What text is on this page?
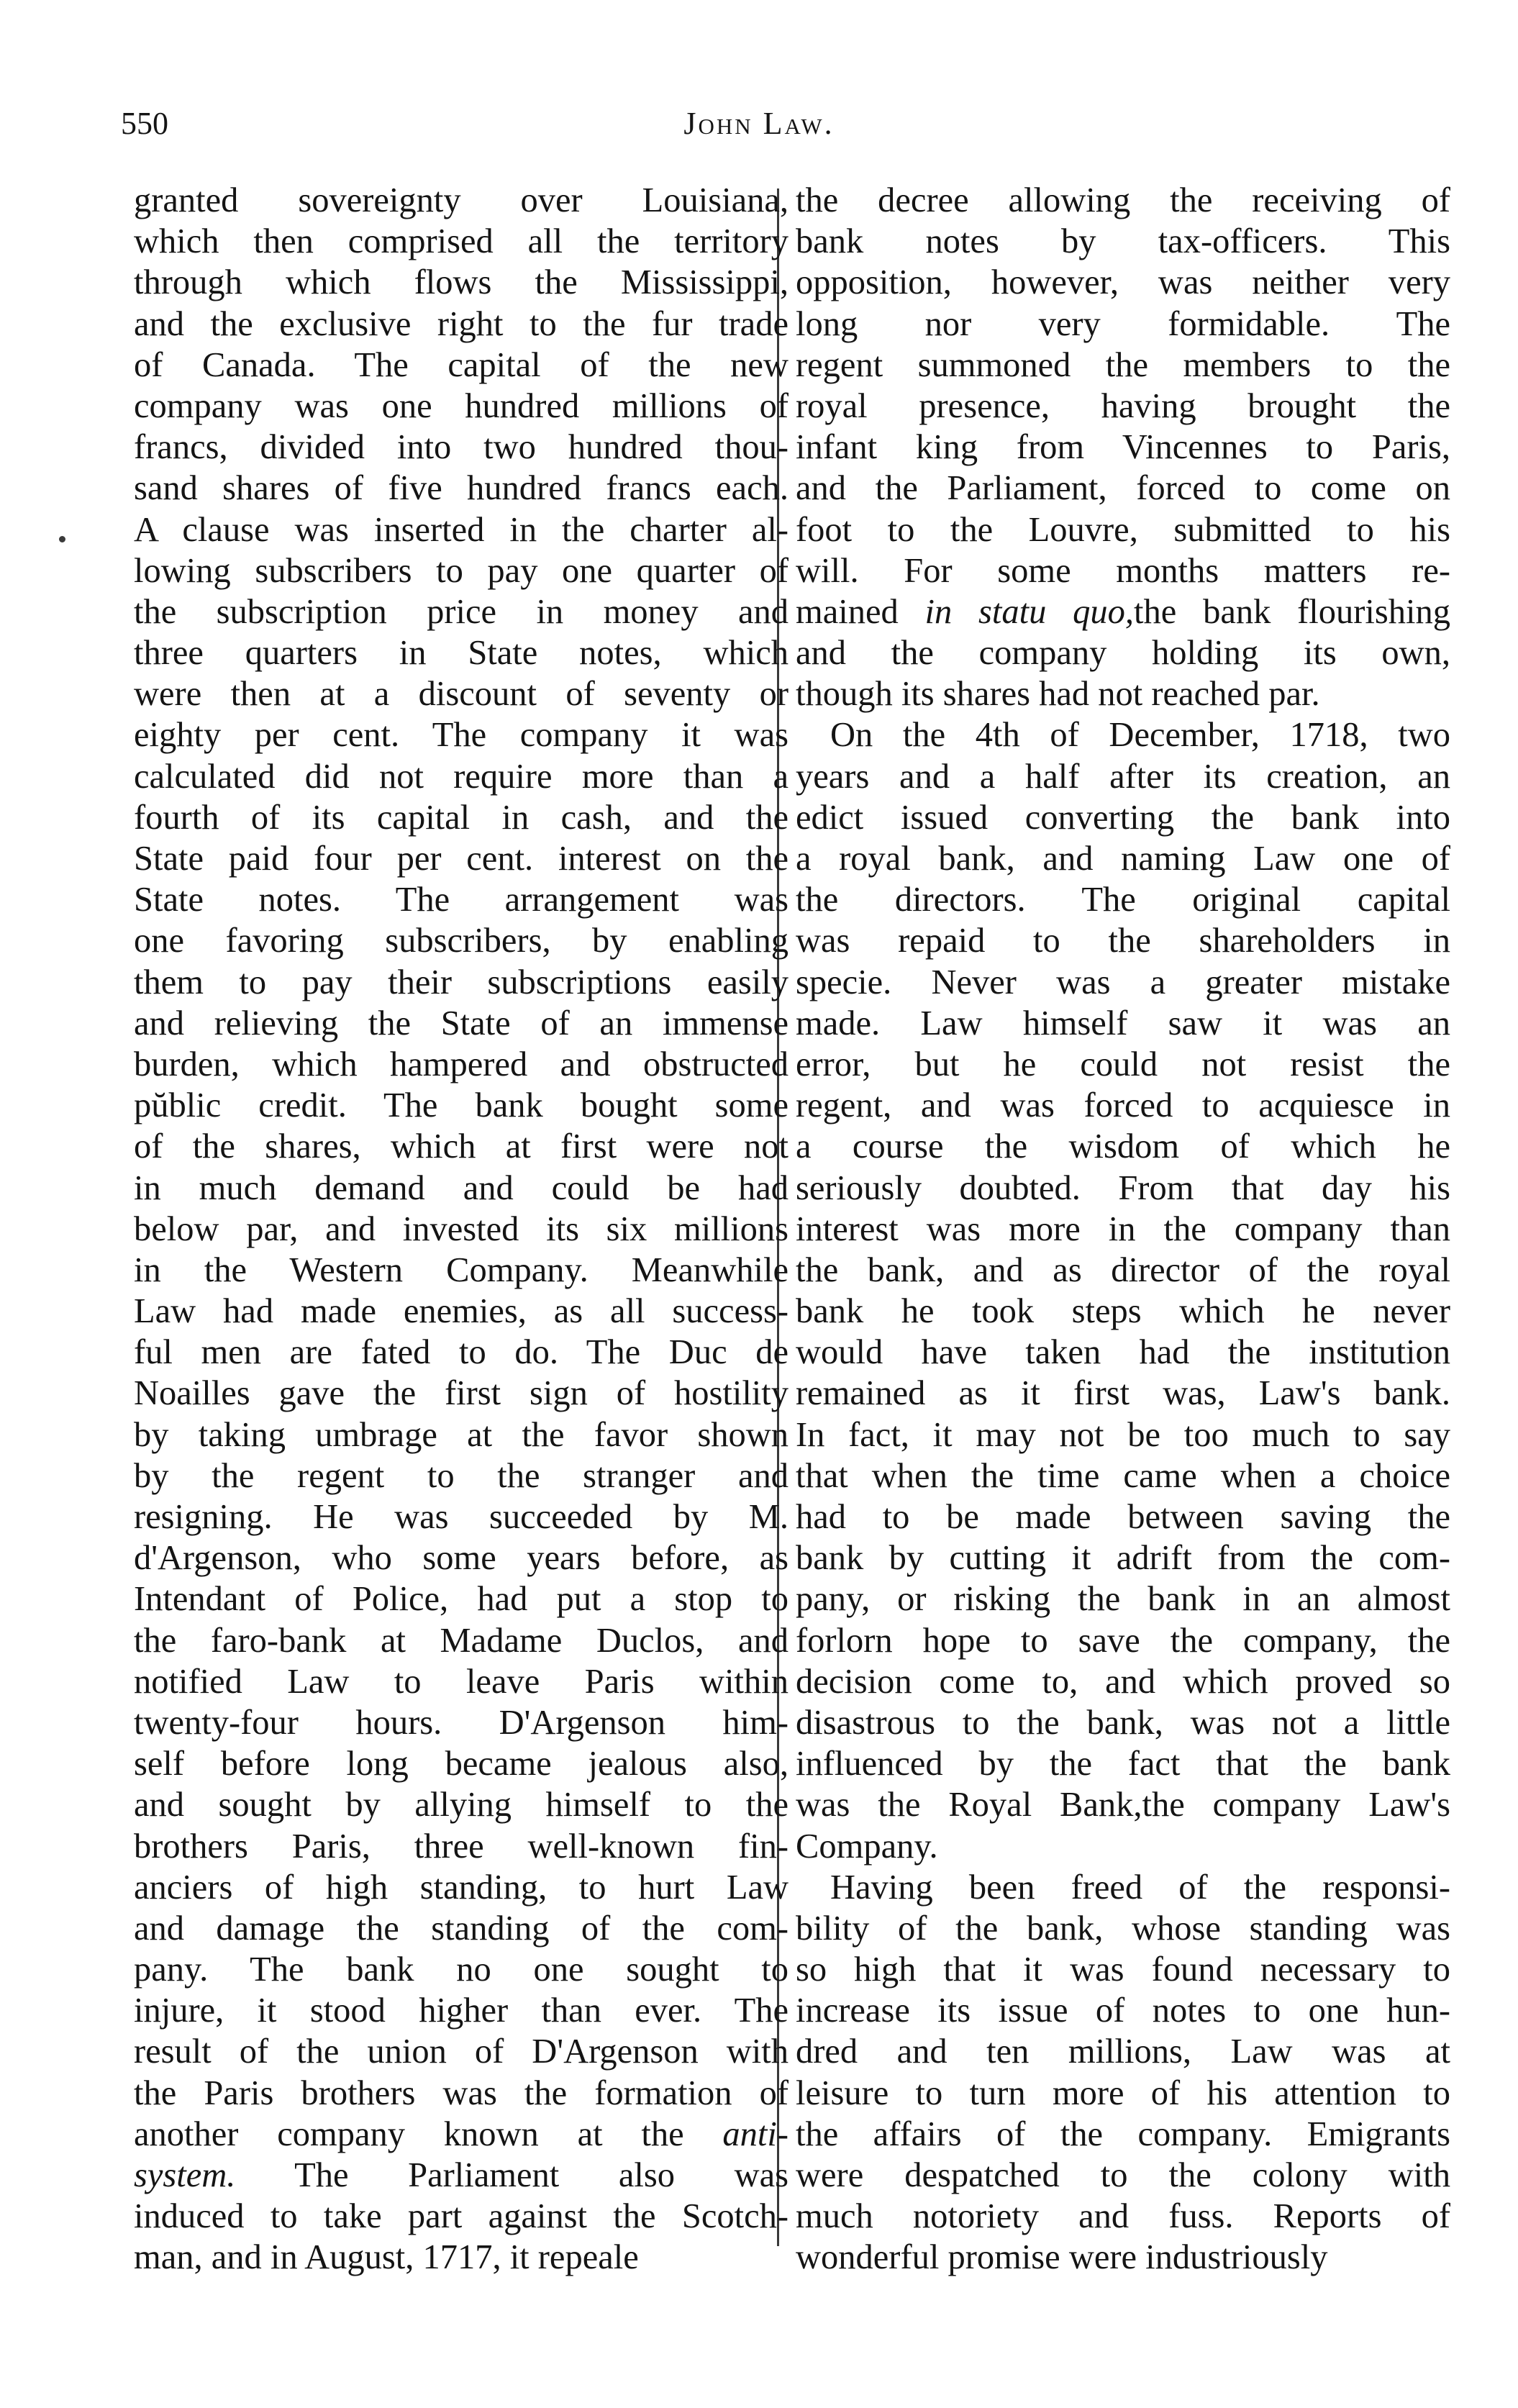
550	John Law.
granted sovereignty over Louisiana,
which then comprised all the territory
through which flows the Mississippi,
and the exclusive right to the fur trade
of Canada. The capital of the new
company was one hundred millions of
francs, divided into two hundred thou-
sand shares of five hundred francs each.
A clause was inserted in the charter al-
lowing subscribers to pay one quarter of
the subscription price in money and
three quarters in State notes, which
were then at a discount of seventy or
eighty per cent. The company it was
calculated did not require more than a
fourth of its capital in cash, and the
State paid four per cent. interest on the
State notes. The arrangement was
one favoring subscribers, by enabling
them to pay their subscriptions easily
and relieving the State of an immense
burden, which hampered and obstructed
pŭblic credit. The bank bought some
of the shares, which at first were not
in much demand and could be had
below par, and invested its six millions
in the Western Company. Meanwhile
Law had made enemies, as all success-
ful men are fated to do. The Duc de
Noailles gave the first sign of hostility
by taking umbrage at the favor shown
by the regent to the stranger and
resigning. He was succeeded by M.
d'Argenson, who some years before, as
Intendant of Police, had put a stop to
the faro-bank at Madame Duclos, and
notified Law to leave Paris within
twenty-four hours. D'Argenson him-
self before long became jealous also,
and sought by allying himself to the
brothers Paris, three well-known fin-
anciers of high standing, to hurt Law
and damage the standing of the com-
pany. The bank no one sought to
injure, it stood higher than ever. The
result of the union of D'Argenson with
the Paris brothers was the formation of
another company known at the anti-
system. The Parliament also was
induced to take part against the Scotch-
man, and in August, 1717, it repeale
the decree allowing the receiving of
bank notes by tax-officers. This
opposition, however, was neither very
long nor very formidable. The
regent summoned the members to the
royal presence, having brought the
infant king from Vincennes to Paris,
and the Parliament, forced to come on
foot to the Louvre, submitted to his
will. For some months matters re-
mained in statu quo,the bank flourishing
and the company holding its own,
though its shares had not reached par.
On the 4th of December, 1718, two
years and a half after its creation, an
edict issued converting the bank into
a royal bank, and naming Law one of
the directors. The original capital
was repaid to the shareholders in
specie. Never was a greater mistake
made. Law himself saw it was an
error, but he could not resist the
regent, and was forced to acquiesce in
a course the wisdom of which he
seriously doubted. From that day his
interest was more in the company than
the bank, and as director of the royal
bank he took steps which he never
would have taken had the institution
remained as it first was, Law's bank.
In fact, it may not be too much to say
that when the time came when a choice
had to be made between saving the
bank by cutting it adrift from the com-
pany, or risking the bank in an almost
forlorn hope to save the company, the
decision come to, and which proved so
disastrous to the bank, was not a little
influenced by the fact that the bank
was the Royal Bank,the company Law's
Company.
Having been freed of the responsi-
bility of the bank, whose standing was
so high that it was found necessary to
increase its issue of notes to one hun-
dred and ten millions, Law was at
leisure to turn more of his attention to
the affairs of the company. Emigrants
were despatched to the colony with
much notoriety and fuss. Reports of
wonderful promise were industriously
